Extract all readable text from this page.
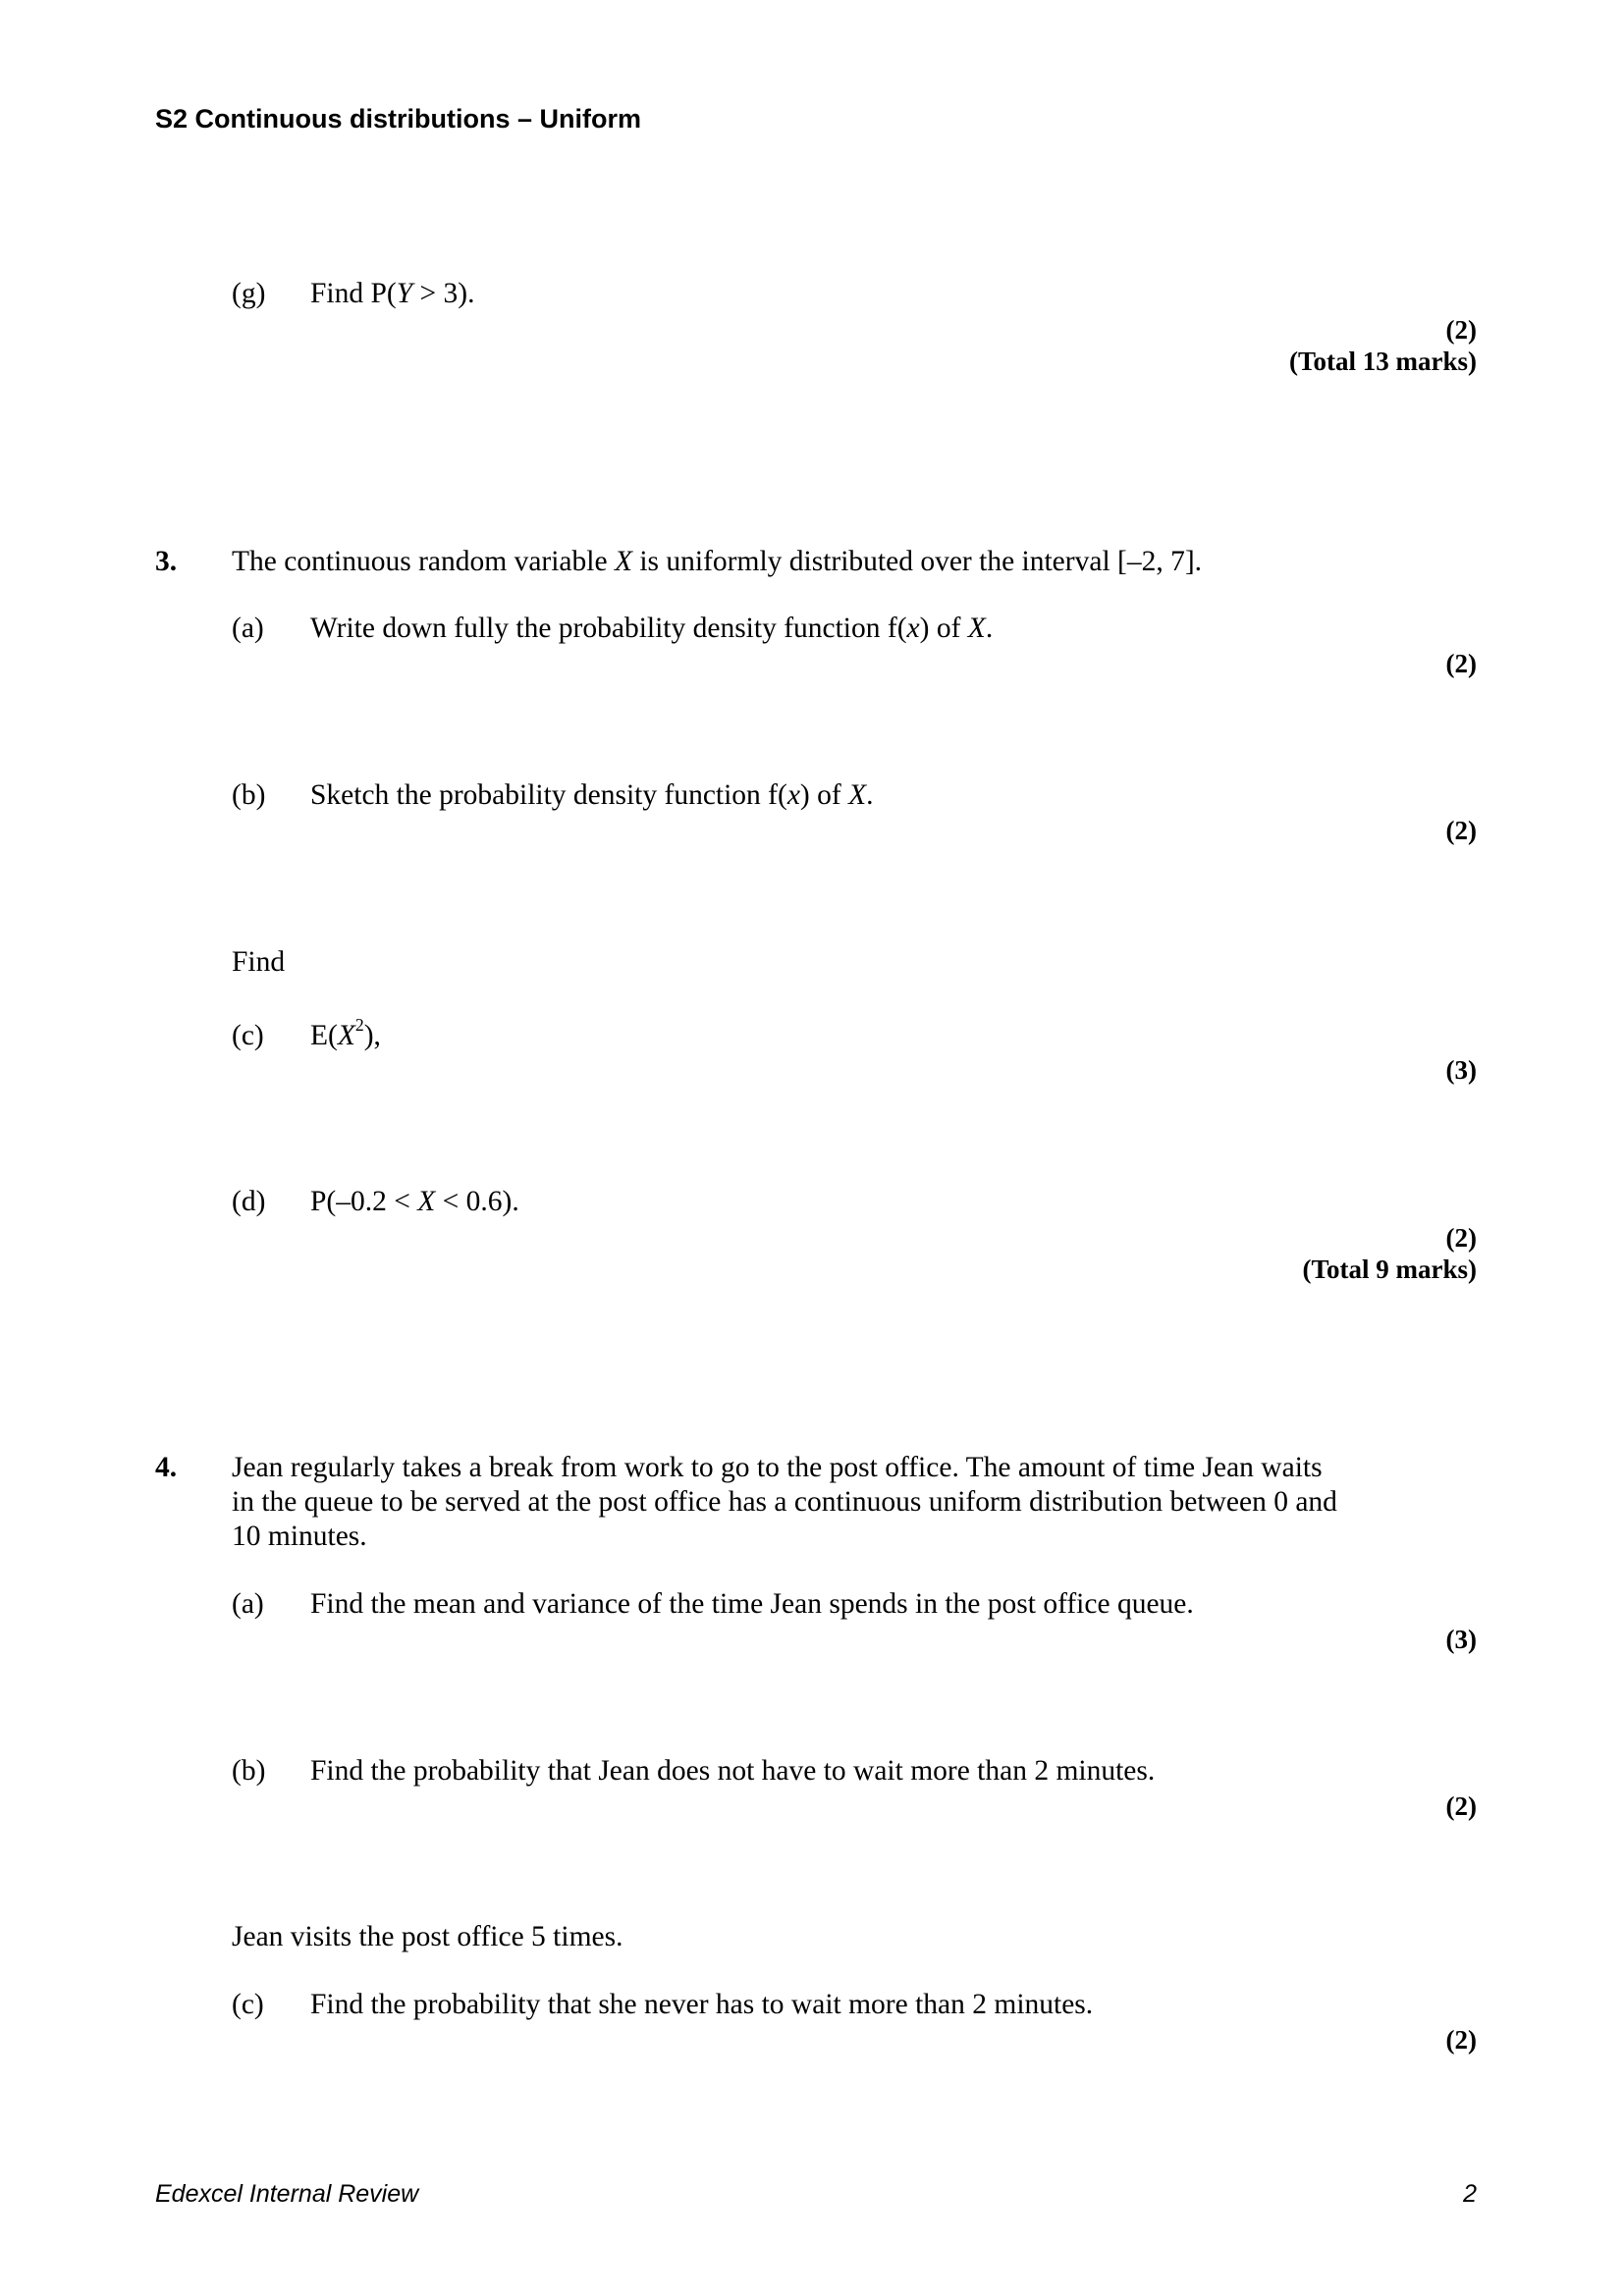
S2 Continuous distributions – Uniform
(g) Find P(Y > 3).
(2)
(Total 13 marks)
3. The continuous random variable X is uniformly distributed over the interval [–2, 7].
(a) Write down fully the probability density function f(x) of X.
(2)
(b) Sketch the probability density function f(x) of X.
(2)
Find
(c) $E(X^2)$,
(3)
(d) P(–0.2 < X < 0.6).
(2)
(Total 9 marks)
4. Jean regularly takes a break from work to go to the post office. The amount of time Jean waits
in the queue to be served at the post office has a continuous uniform distribution between 0 and
10 minutes.
(a) Find the mean and variance of the time Jean spends in the post office queue.
(3)
(b) Find the probability that Jean does not have to wait more than 2 minutes.
(2)
Jean visits the post office 5 times.
(c) Find the probability that she never has to wait more than 2 minutes.
(2)
Edexcel Internal Review	2
